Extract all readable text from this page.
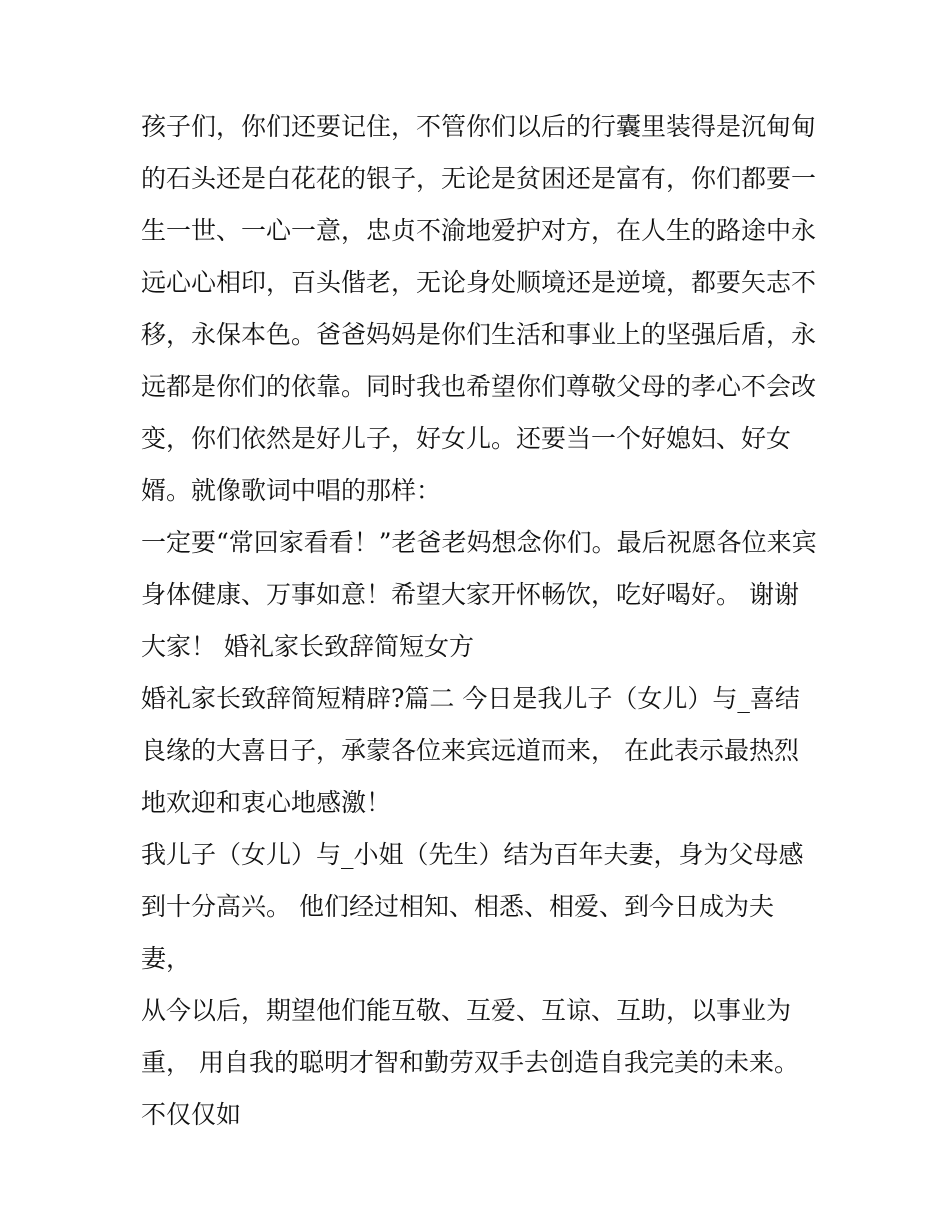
孩子们，你们还要记住，不管你们以后的行囊里装得是沉甸甸
的石头还是白花花的银子，无论是贫困还是富有，你们都要一
生一世、一心一意，忠贞不渝地爱护对方，在人生的路途中永
远心心相印，百头偕老，无论身处顺境还是逆境，都要矢志不
移，永保本色。爸爸妈妈是你们生活和事业上的坚强后盾，永
远都是你们的依靠。同时我也希望你们尊敬父母的孝心不会改
变，你们依然是好儿子，好女儿。还要当一个好媳妇、好女
婿。就像歌词中唱的那样：
一定要“常回家看看！”老爸老妈想念你们。最后祝愿各位来宾
身体健康、万事如意！希望大家开怀畅饮，吃好喝好。 谢谢
大家！ 婚礼家长致辞简短女方
婚礼家长致辞简短精辟?篇二 今日是我儿子（女儿）与_喜结
良缘的大喜日子，承蒙各位来宾远道而来， 在此表示最热烈
地欢迎和衷心地感激！
我儿子（女儿）与_小姐（先生）结为百年夫妻，身为父母感
到十分高兴。 他们经过相知、相悉、相爱、到今日成为夫
妻，
从今以后，期望他们能互敬、互爱、互谅、互助，以事业为
重， 用自我的聪明才智和勤劳双手去创造自我完美的未来。
不仅仅如
